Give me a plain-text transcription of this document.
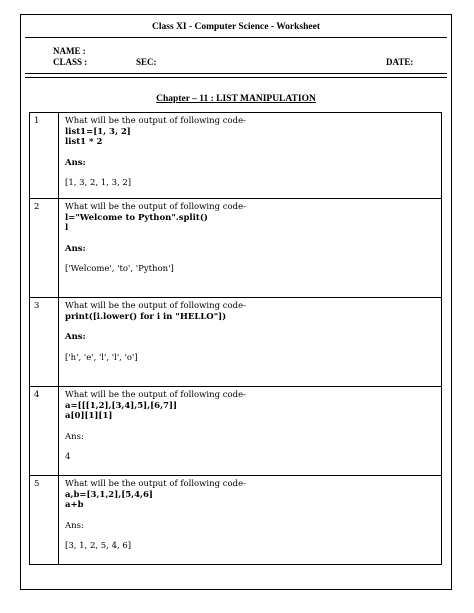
Class XI - Computer Science - Worksheet
NAME :
CLASS :	SEC:	DATE:
Chapter – 11 : LIST MANIPULATION
1	What will be the output of following code-
list1=[1, 3, 2]
list1 * 2
Ans:
[1, 3, 2, 1, 3, 2]

2	What will be the output of following code-
l="Welcome to Python".split()
l
Ans:
['Welcome', 'to', 'Python']

3	What will be the output of following code-
print([i.lower() for i in "HELLO"])
Ans:
['h', 'e', 'l', 'l', 'o']

4	What will be the output of following code-
a=[[[1,2],[3,4],5],[6,7]]
a[0][1][1]
Ans:
4

5	What will be the output of following code-
a,b=[3,1,2],[5,4,6]
a+b
Ans:
[3, 1, 2, 5, 4, 6]
